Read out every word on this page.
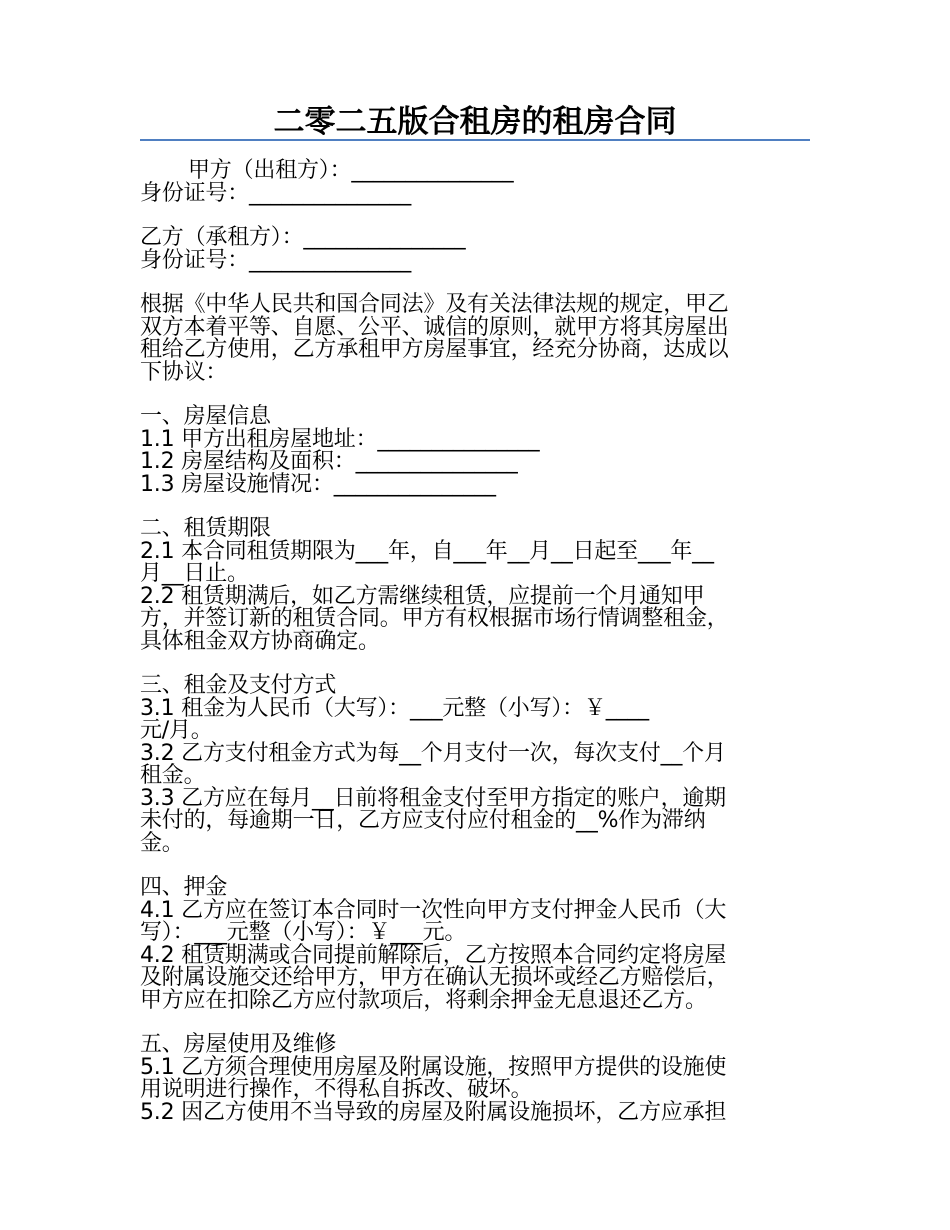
二零二五版合租房的租房合同
甲方（出租方）：_______________
身份证号：_______________
乙方（承租方）：_______________
身份证号：_______________
根据《中华人民共和国合同法》及有关法律法规的规定，甲乙
双方本着平等、自愿、公平、诚信的原则，就甲方将其房屋出
租给乙方使用，乙方承租甲方房屋事宜，经充分协商，达成以
下协议：
一、房屋信息
1.1 甲方出租房屋地址：_______________
1.2 房屋结构及面积：_______________
1.3 房屋设施情况：_______________
二、租赁期限
2.1 本合同租赁期限为___年，自___年__月__日起至___年__
月__日止。
2.2 租赁期满后，如乙方需继续租赁，应提前一个月通知甲
方，并签订新的租赁合同。甲方有权根据市场行情调整租金，
具体租金双方协商确定。
三、租金及支付方式
3.1 租金为人民币（大写）：___元整（小写）：￥____
元/月。
3.2 乙方支付租金方式为每__个月支付一次，每次支付__个月
租金。
3.3 乙方应在每月__日前将租金支付至甲方指定的账户，逾期
未付的，每逾期一日，乙方应支付应付租金的__%作为滞纳
金。
四、押金
4.1 乙方应在签订本合同时一次性向甲方支付押金人民币（大
写）：___元整（小写）：￥___元。
4.2 租赁期满或合同提前解除后，乙方按照本合同约定将房屋
及附属设施交还给甲方，甲方在确认无损坏或经乙方赔偿后，
甲方应在扣除乙方应付款项后，将剩余押金无息退还乙方。
五、房屋使用及维修
5.1 乙方须合理使用房屋及附属设施，按照甲方提供的设施使
用说明进行操作，不得私自拆改、破坏。
5.2 因乙方使用不当导致的房屋及附属设施损坏，乙方应承担
